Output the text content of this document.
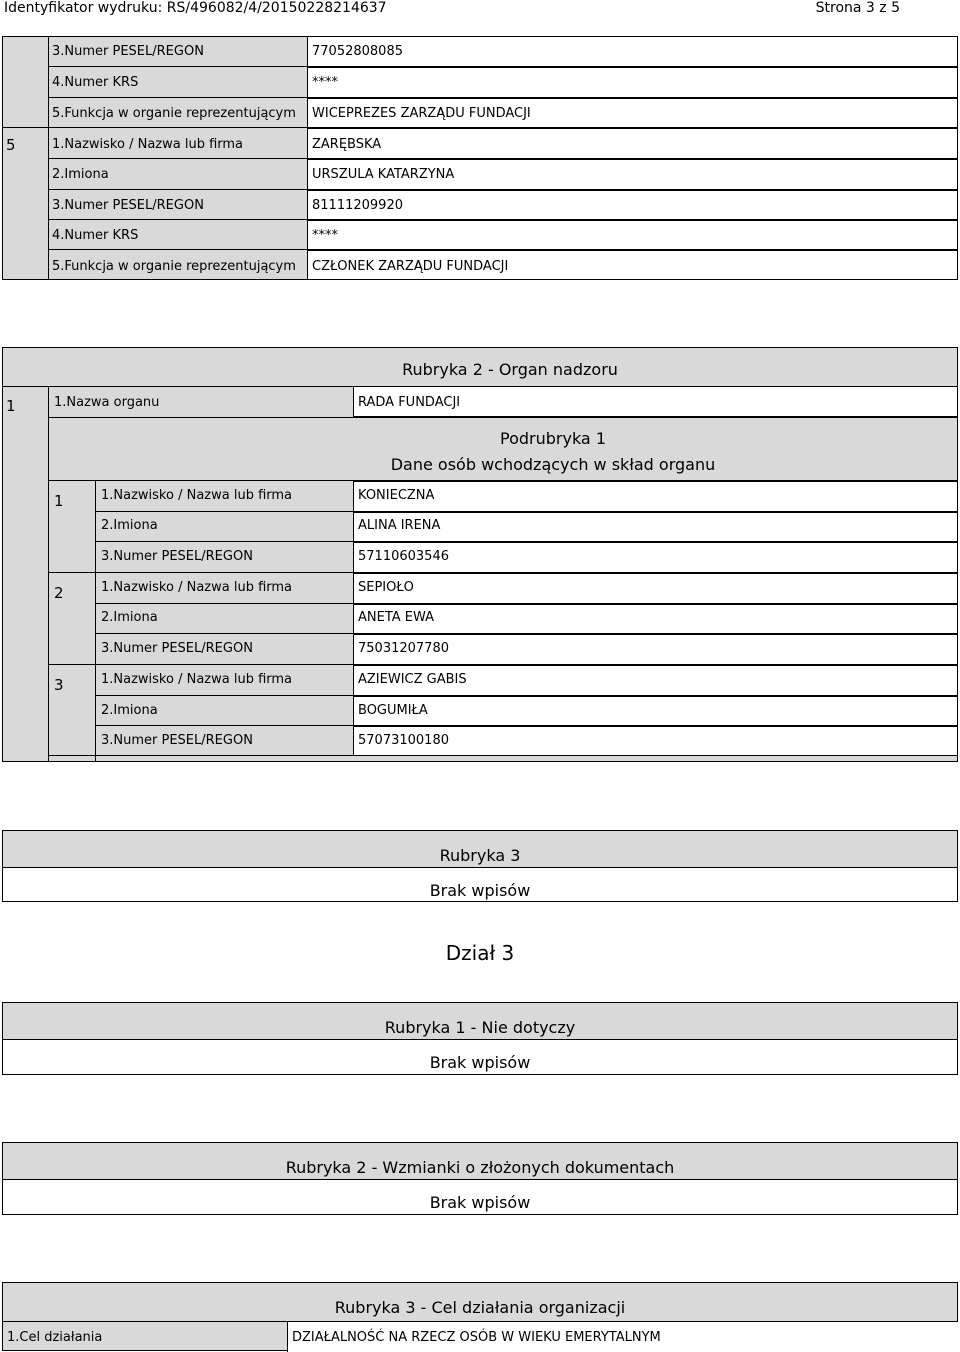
Identyfikator wydruku: RS/496082/4/20150228214637	Strona 3 z 5
3.Numer PESEL/REGON	77052808085
4.Numer KRS	****
5.Funkcja w organie reprezentującym WICEPREZES ZARZĄDU FUNDACJI
5	1.Nazwisko / Nazwa lub firma	ZARĘBSKA
2.Imiona	URSZULA KATARZYNA
3.Numer PESEL/REGON	81111209920
4.Numer KRS	****
5.Funkcja w organie reprezentującym CZŁONEK ZARZĄDU FUNDACJI
Rubryka 2 - Organ nadzoru
1	1.Nazwa organu	RADA FUNDACJI
Podrubryka 1
Dane osób wchodzących w skład organu
1	1.Nazwisko / Nazwa lub firma	KONIECZNA
2.Imiona	ALINA IRENA
3.Numer PESEL/REGON	57110603546
2	1.Nazwisko / Nazwa lub firma	SEPIOŁO
2.Imiona	ANETA EWA
3.Numer PESEL/REGON	75031207780
3	1.Nazwisko / Nazwa lub firma	AZIEWICZ GABIS
2.Imiona	BOGUMIŁA
3.Numer PESEL/REGON	57073100180
Rubryka 3
Brak wpisów
Dział 3
Rubryka 1 - Nie dotyczy
Brak wpisów
Rubryka 2 - Wzmianki o złożonych dokumentach
Brak wpisów
Rubryka 3 - Cel działania organizacji
1.Cel działania	DZIAŁALNOŚĆ NA RZECZ OSÓB W WIEKU EMERYTALNYM
